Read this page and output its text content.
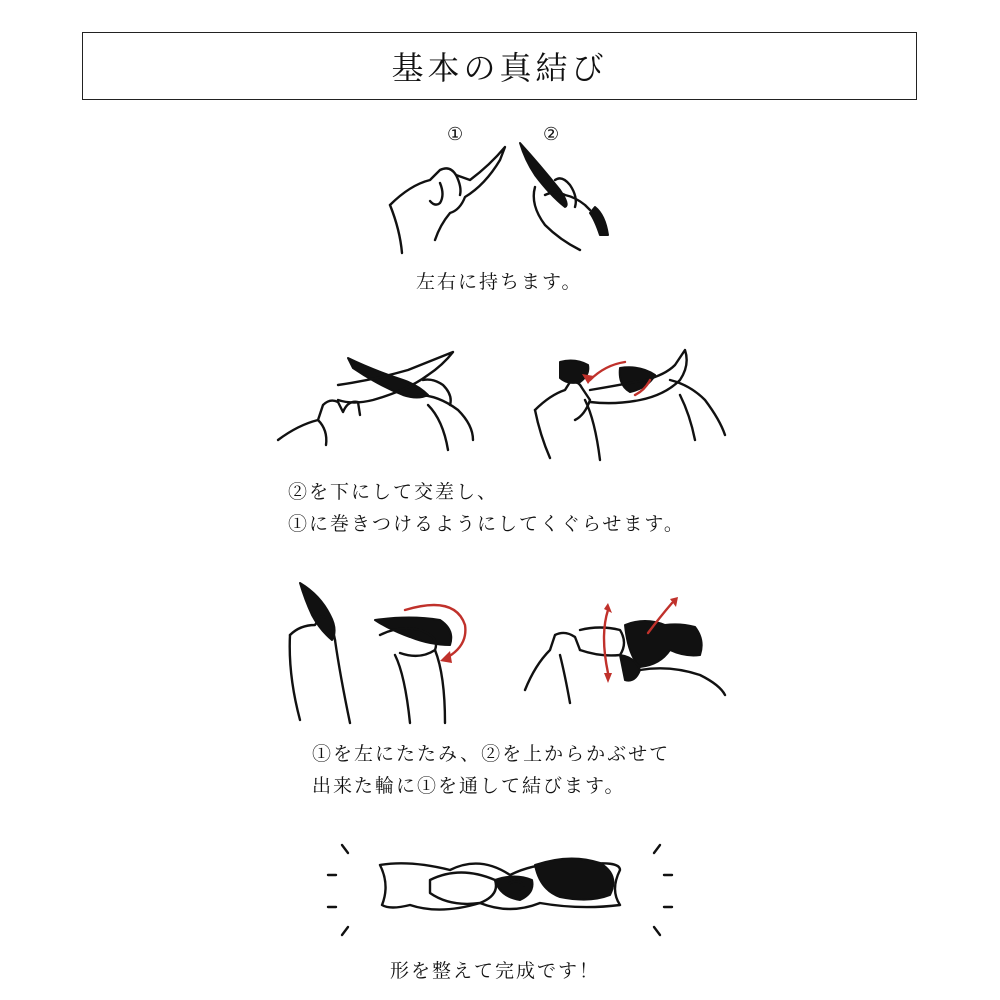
基本の真結び
①	②
左右に持ちます。
②を下にして交差し、
①に巻きつけるようにしてくぐらせます。
①を左にたたみ、②を上からかぶせて
出来た輪に①を通して結びます。
形を整えて完成です！
